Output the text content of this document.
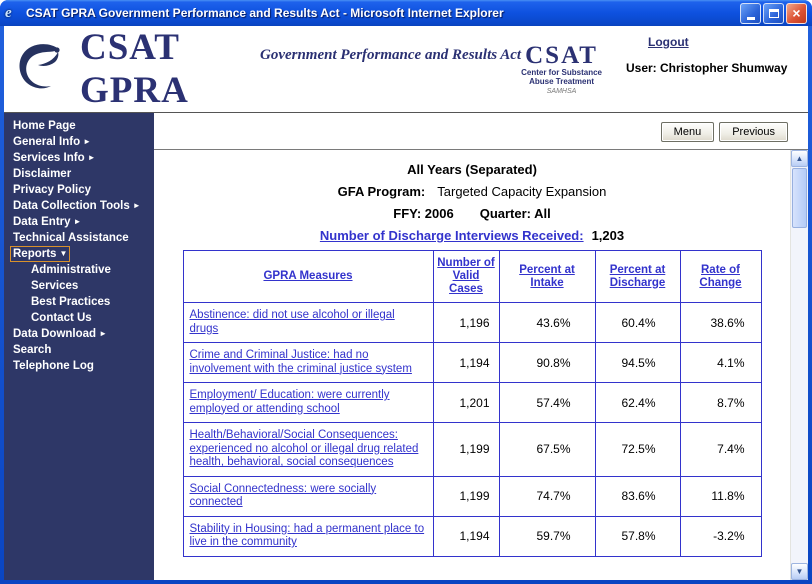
e	CSAT GPRA Government Performance and Results Act - Microsoft Internet Explorer	×
CSAT GPRA
Government Performance and Results Act CSAT
Center for Substance
Abuse Treatment
SAMHSA
Logout
User: Christopher Shumway
Home Page
General Info ►
Services Info ►
Disclaimer
Privacy Policy
Data Collection Tools ►
Data Entry ►
Technical Assistance
Reports ▼
Administrative
Services
Best Practices
Contact Us
Data Download ►
Search
Telephone Log
Menu	Previous
All Years (Separated)
GFA Program: Targeted Capacity Expansion
FFY: 2006 Quarter: All
Number of Discharge Interviews Received: 1,203
GPRA Measures	Number of Valid Cases	Percent at Intake	Percent at Discharge	Rate of Change
Abstinence: did not use alcohol or illegal drugs	1,196	43.6%	60.4%	38.6%
Crime and Criminal Justice: had no involvement with the criminal justice system	1,194	90.8%	94.5%	4.1%
Employment/ Education: were currently employed or attending school	1,201	57.4%	62.4%	8.7%
Health/Behavioral/Social Consequences: experienced no alcohol or illegal drug related health, behavioral, social consequences	1,199	67.5%	72.5%	7.4%
Social Connectedness: were socially connected	1,199	74.7%	83.6%	11.8%
Stability in Housing: had a permanent place to live in the community	1,194	59.7%	57.8%	-3.2%
▲
▼
